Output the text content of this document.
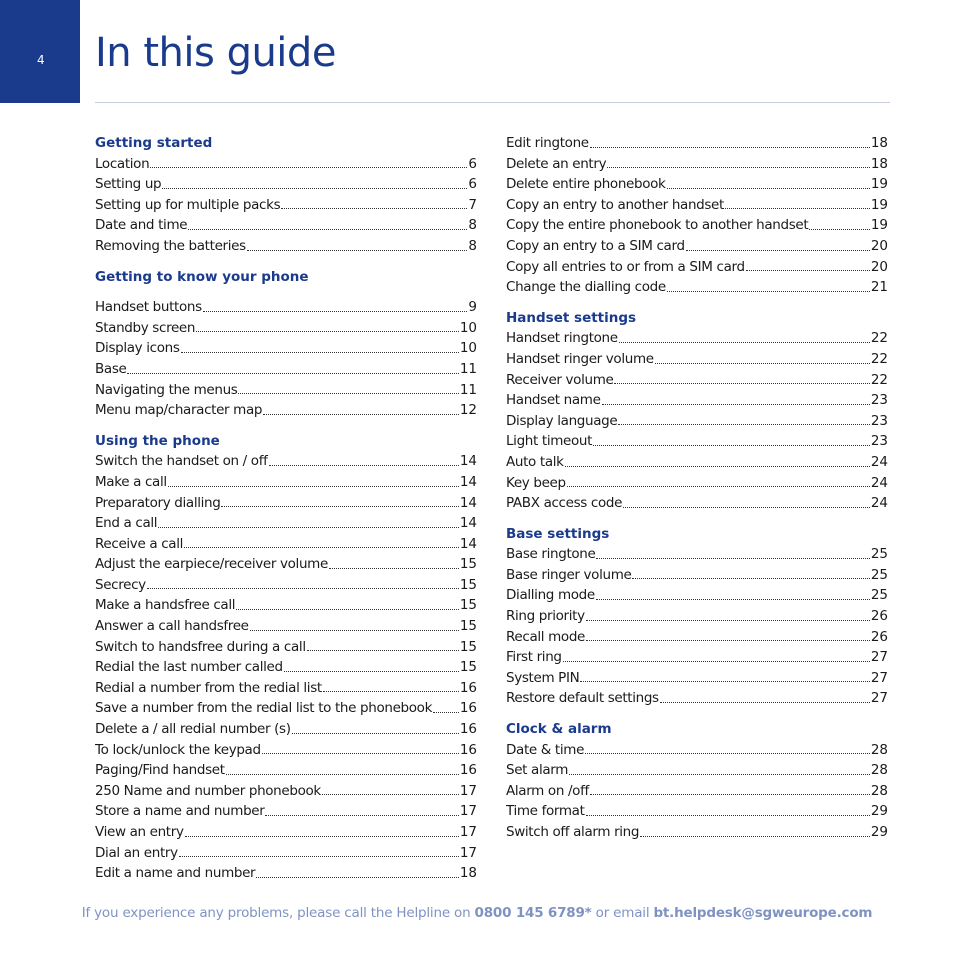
4 In this guide
Getting started
Location	6
Setting up	6
Setting up for multiple packs	7
Date and time	8
Removing the batteries	8
Getting to know your phone
Handset buttons	9
Standby screen	10
Display icons	10
Base	11
Navigating the menus	11
Menu map/character map	12
Using the phone
Switch the handset on / off	14
Make a call	14
Preparatory dialling	14
End a call	14
Receive a call	14
Adjust the earpiece/receiver volume	15
Secrecy	15
Make a handsfree call	15
Answer a call handsfree	15
Switch to handsfree during a call	15
Redial the last number called	15
Redial a number from the redial list	16
Save a number from the redial list to the phonebook 16
Delete a / all redial number (s)	16
To lock/unlock the keypad	16
Paging/Find handset	16
250 Name and number phonebook	17
Store a name and number	17
View an entry	17
Dial an entry	17
Edit a name and number	18
Edit ringtone	18
Delete an entry	18
Delete entire phonebook	19
Copy an entry to another handset	19
Copy the entire phonebook to another handset	19
Copy an entry to a SIM card	20
Copy all entries to or from a SIM card	20
Change the dialling code	21
Handset settings
Handset ringtone	22
Handset ringer volume	22
Receiver volume	22
Handset name	23
Display language	23
Light timeout	23
Auto talk	24
Key beep	24
PABX access code	24
Base settings
Base ringtone	25
Base ringer volume	25
Dialling mode	25
Ring priority	26
Recall mode	26
First ring	27
System PIN	27
Restore default settings	27
Clock & alarm
Date & time	28
Set alarm	28
Alarm on /off	28
Time format	29
Switch off alarm ring	29
If you experience any problems, please call the Helpline on 0800 145 6789* or email bt.helpdesk@sgweurope.com
